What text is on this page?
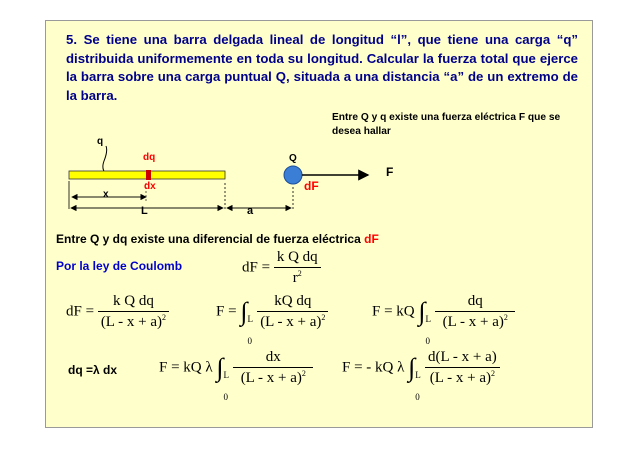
5. Se tiene una barra delgada lineal de longitud “l”, que tiene una carga “q” distribuida uniformemente en toda su longitud. Calcular la fuerza total que ejerce la barra sobre una carga puntual Q, situada a una distancia “a” de un extremo de la barra.
Entre Q y q existe una fuerza eléctrica F que se desea hallar
q
dq
dx
x
L	a
Q
F
dF
Entre Q y dq existe una diferencial de fuerza eléctrica dF
Por la ley de Coulomb	dF = $\frac{\text{k Q dq}}{r^2}$
dF = $\frac{\text{k Q dq}}{(L - x + a)^2}$	F = ∫ L
0

$\frac{\text{kQ dq}}{(L - x + a)^2}$	F = kQ ∫ L
0

$\frac{dq}{(L - x + a)^2}$
dq =λ dx	F = kQ λ ∫ L
0

$\frac{dx}{(L - x + a)^2}$ F = - kQ λ ∫ L
0

$\frac{d(L - x + a)}{(L - x + a)^2}$
